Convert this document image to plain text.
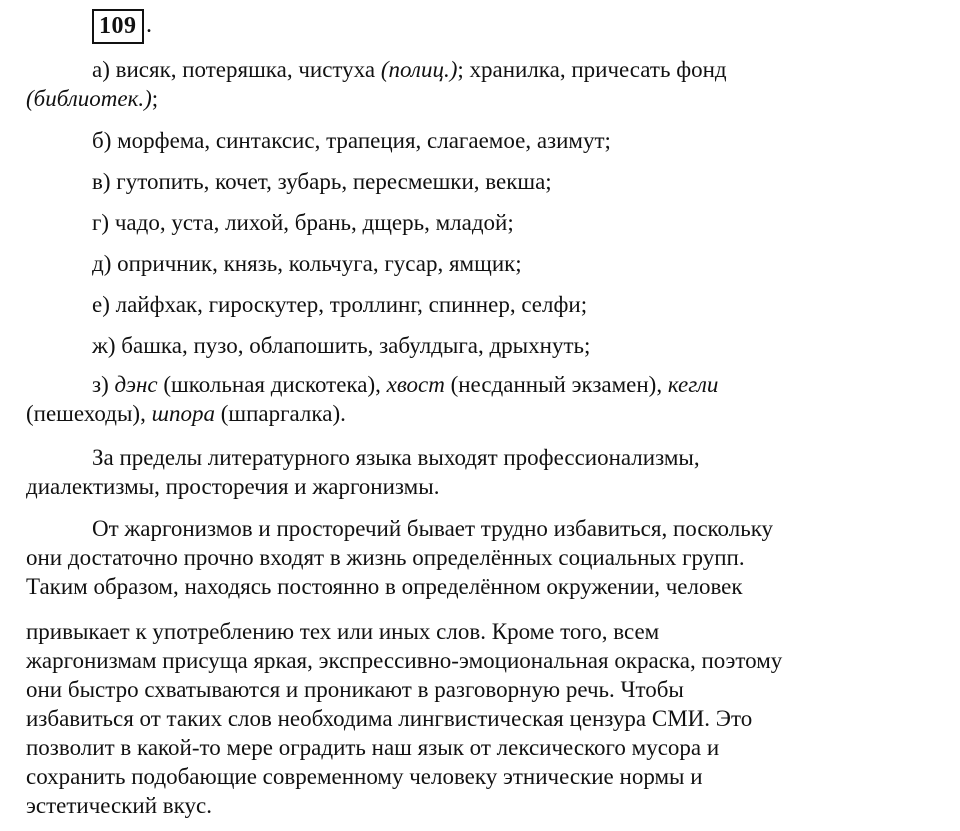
109 .
а) висяк, потеряшка, чистуха (полиц.); хранилка, причесать фонд
(библиотек.);
б) морфема, синтаксис, трапеция, слагаемое, азимут;
в) гутопить, кочет, зубарь, пересмешки, векша;
г) чадо, уста, лихой, брань, дщерь, младой;
д) опричник, князь, кольчуга, гусар, ямщик;
е) лайфхак, гироскутер, троллинг, спиннер, селфи;
ж) башка, пузо, облапошить, забулдыга, дрыхнуть;
з) дэнс (школьная дискотека), хвост (несданный экзамен), кегли
(пешеходы), шпора (шпаргалка).
За пределы литературного языка выходят профессионализмы,
диалектизмы, просторечия и жаргонизмы.
От жаргонизмов и просторечий бывает трудно избавиться, поскольку
они достаточно прочно входят в жизнь определённых социальных групп.
Таким образом, находясь постоянно в определённом окружении, человек
привыкает к употреблению тех или иных слов. Кроме того, всем
жаргонизмам присуща яркая, экспрессивно-эмоциональная окраска, поэтому
они быстро схватываются и проникают в разговорную речь. Чтобы
избавиться от таких слов необходима лингвистическая цензура СМИ. Это
позволит в какой-то мере оградить наш язык от лексического мусора и
сохранить подобающие современному человеку этнические нормы и
эстетический вкус.
